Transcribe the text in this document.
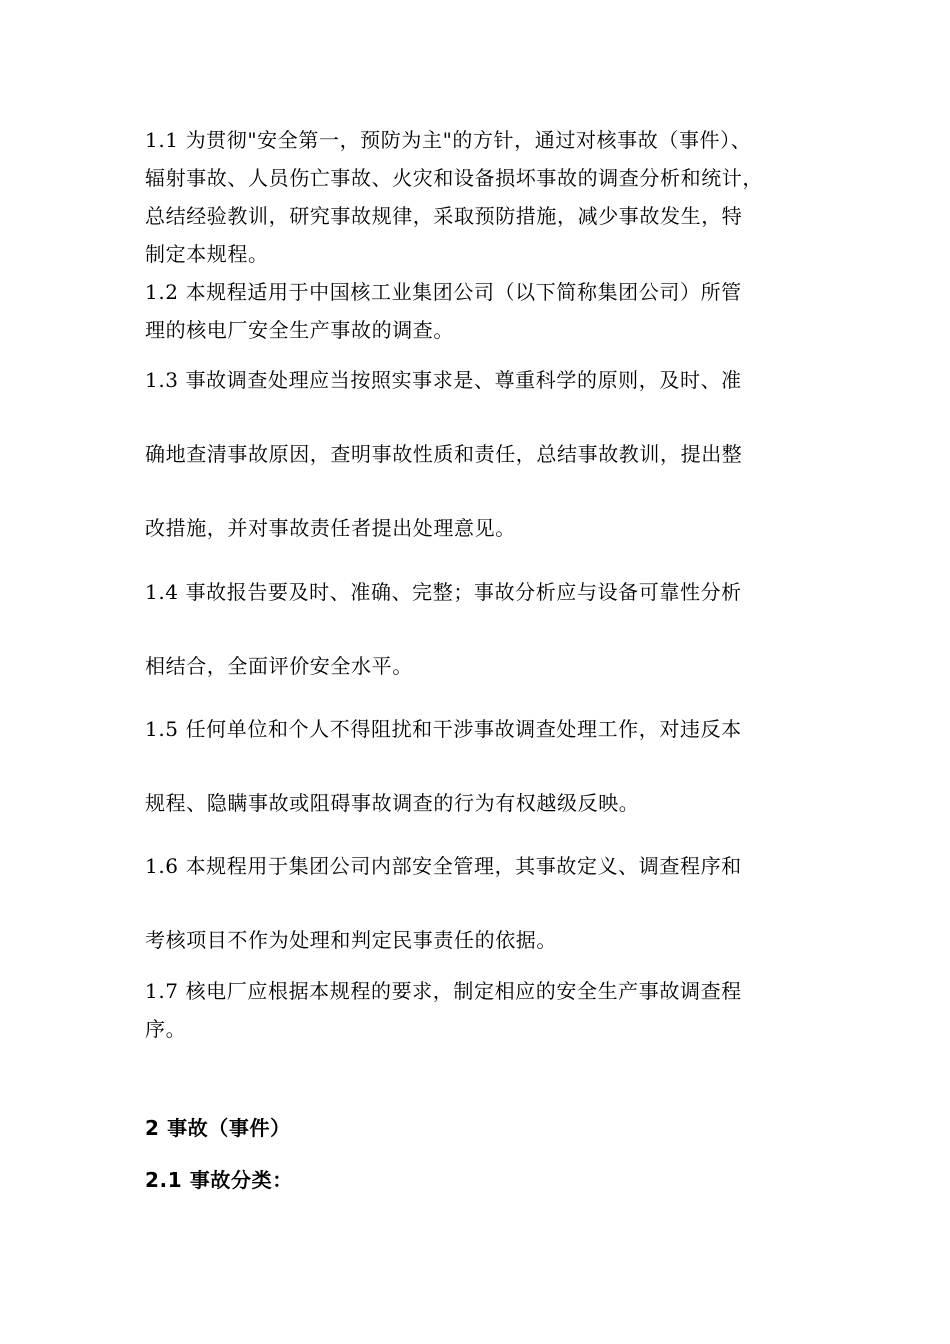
1.1 为贯彻"安全第一，预防为主"的方针，通过对核事故（事件）、
辐射事故、人员伤亡事故、火灾和设备损坏事故的调查分析和统计，
总结经验教训，研究事故规律，采取预防措施，减少事故发生，特
制定本规程。
1.2 本规程适用于中国核工业集团公司（以下简称集团公司）所管
理的核电厂安全生产事故的调查。
1.3 事故调查处理应当按照实事求是、尊重科学的原则，及时、准
确地查清事故原因，查明事故性质和责任，总结事故教训，提出整
改措施，并对事故责任者提出处理意见。
1.4 事故报告要及时、准确、完整；事故分析应与设备可靠性分析
相结合，全面评价安全水平。
1.5 任何单位和个人不得阻扰和干涉事故调查处理工作，对违反本
规程、隐瞒事故或阻碍事故调查的行为有权越级反映。
1.6 本规程用于集团公司内部安全管理，其事故定义、调查程序和
考核项目不作为处理和判定民事责任的依据。
1.7 核电厂应根据本规程的要求，制定相应的安全生产事故调查程
序。
2 事故（事件）
2.1 事故分类：
